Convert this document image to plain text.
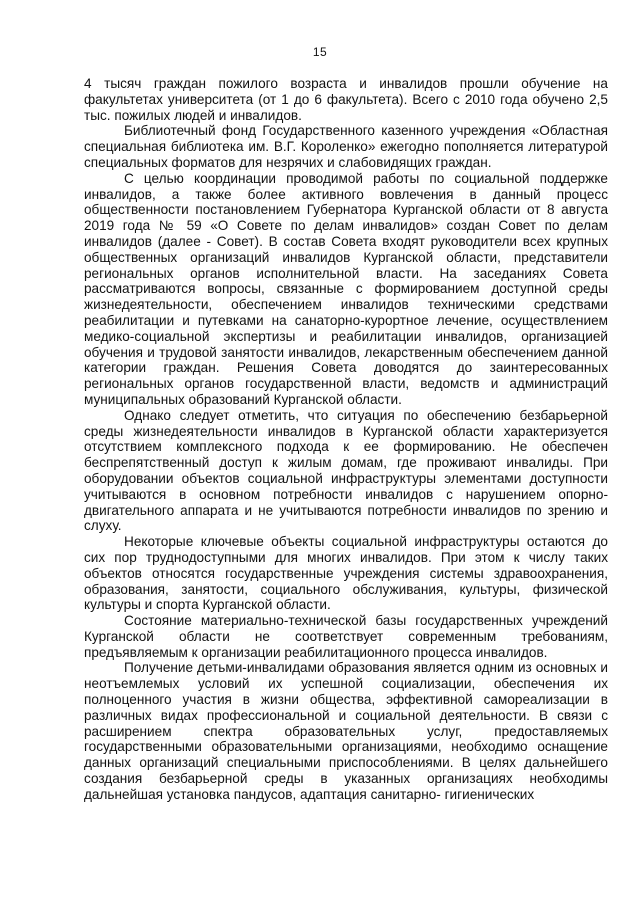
15

4 тысяч граждан пожилого возраста и инвалидов прошли обучение на факультетах университета (от 1 до 6 факультета). Всего с 2010 года обучено 2,5 тыс. пожилых людей и инвалидов.

Библиотечный фонд Государственного казенного учреждения «Областная специальная библиотека им. В.Г. Короленко» ежегодно пополняется литературой специальных форматов для незрячих и слабовидящих граждан.

С целью координации проводимой работы по социальной поддержке инвалидов, а также более активного вовлечения в данный процесс общественности постановлением Губернатора Курганской области от 8 августа 2019 года № 59 «О Совете по делам инвалидов» создан Совет по делам инвалидов (далее - Совет). В состав Совета входят руководители всех крупных общественных организаций инвалидов Курганской области, представители региональных органов исполнительной власти. На заседаниях Совета рассматриваются вопросы, связанные с формированием доступной среды жизнедеятельности, обеспечением инвалидов техническими средствами реабилитации и путевками на санаторно-курортное лечение, осуществлением медико-социальной экспертизы и реабилитации инвалидов, организацией обучения и трудовой занятости инвалидов, лекарственным обеспечением данной категории граждан. Решения Совета доводятся до заинтересованных региональных органов государственной власти, ведомств и администраций муниципальных образований Курганской области.

Однако следует отметить, что ситуация по обеспечению безбарьерной среды жизнедеятельности инвалидов в Курганской области характеризуется отсутствием комплексного подхода к ее формированию. Не обеспечен беспрепятственный доступ к жилым домам, где проживают инвалиды. При оборудовании объектов социальной инфраструктуры элементами доступности учитываются в основном потребности инвалидов с нарушением опорно-двигательного аппарата и не учитываются потребности инвалидов по зрению и слуху.

Некоторые ключевые объекты социальной инфраструктуры остаются до сих пор труднодоступными для многих инвалидов. При этом к числу таких объектов относятся государственные учреждения системы здравоохранения, образования, занятости, социального обслуживания, культуры, физической культуры и спорта Курганской области.

Состояние материально-технической базы государственных учреждений Курганской области не соответствует современным требованиям, предъявляемым к организации реабилитационного процесса инвалидов.

Получение детьми-инвалидами образования является одним из основных и неотъемлемых условий их успешной социализации, обеспечения их полноценного участия в жизни общества, эффективной самореализации в различных видах профессиональной и социальной деятельности. В связи с расширением спектра образовательных услуг, предоставляемых государственными образовательными организациями, необходимо оснащение данных организаций специальными приспособлениями. В целях дальнейшего создания безбарьерной среды в указанных организациях необходимы дальнейшая установка пандусов, адаптация санитарно- гигиенических
